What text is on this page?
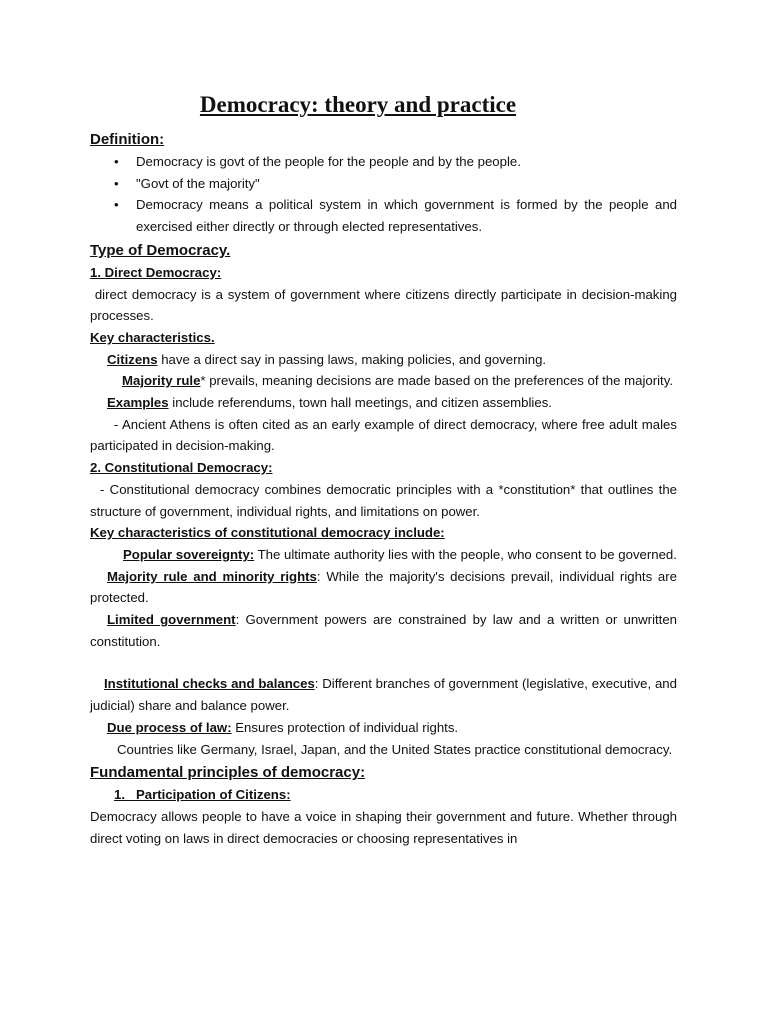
Democracy: theory and practice
Definition:
• Democracy is govt of the people for the people and by the people.
• "Govt of the majority"
• Democracy means a political system in which government is formed by the people and exercised either directly or through elected representatives.
Type of Democracy.
1. Direct Democracy:
direct democracy is a system of government where citizens directly participate in decision-making processes.
Key characteristics.
Citizens have a direct say in passing laws, making policies, and governing.
Majority rule* prevails, meaning decisions are made based on the preferences of the majority.
Examples include referendums, town hall meetings, and citizen assemblies.
- Ancient Athens is often cited as an early example of direct democracy, where free adult males participated in decision-making.
2. Constitutional Democracy:
- Constitutional democracy combines democratic principles with a *constitution* that outlines the structure of government, individual rights, and limitations on power.
Key characteristics of constitutional democracy include:
Popular sovereignty: The ultimate authority lies with the people, who consent to be governed.
Majority rule and minority rights: While the majority's decisions prevail, individual rights are protected.
Limited government: Government powers are constrained by law and a written or unwritten constitution.
Institutional checks and balances: Different branches of government (legislative, executive, and judicial) share and balance power.
Due process of law: Ensures protection of individual rights.
Countries like Germany, Israel, Japan, and the United States practice constitutional democracy.
Fundamental principles of democracy:
1.   Participation of Citizens:
Democracy allows people to have a voice in shaping their government and future. Whether through direct voting on laws in direct democracies or choosing representatives in
